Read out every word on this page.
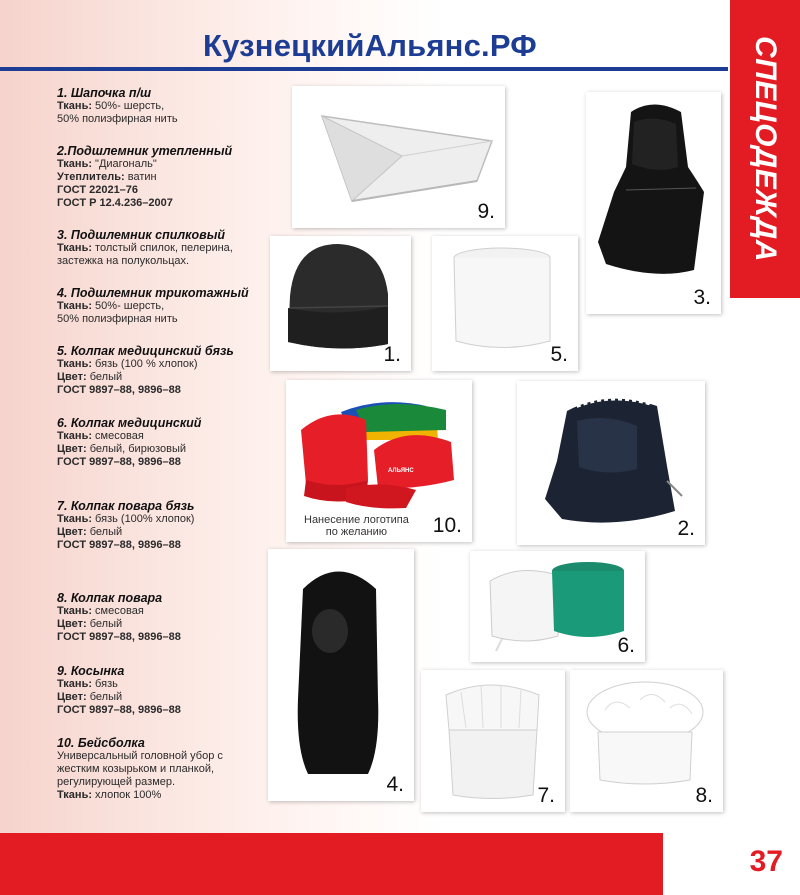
КузнецкийАльянс.РФ	СПЕЦОДЕЖДА
1. Шапочка п/ш
Ткань: 50%- шерсть,
50% полиэфирная нить
2.Подшлемник утепленный
Ткань: "Диагональ"
Утеплитель: ватин
ГОСТ 22021–76
ГОСТ Р 12.4.236–2007
3. Подшлемник спилковый
Ткань: толстый спилок, пелерина,
застежка на полукольцах.
4. Подшлемник трикотажный
Ткань: 50%- шерсть,
50% полиэфирная нить
5. Колпак медицинский бязь
Ткань: бязь (100 % хлопок)
Цвет: белый
ГОСТ 9897–88, 9896–88
6. Колпак медицинский
Ткань: смесовая
Цвет: белый, бирюзовый
ГОСТ 9897–88, 9896–88
7. Колпак повара бязь
Ткань: бязь (100% хлопок)
Цвет: белый
ГОСТ 9897–88, 9896–88
8. Колпак повара
Ткань: смесовая
Цвет: белый
ГОСТ 9897–88, 9896–88
9. Косынка
Ткань: бязь
Цвет: белый
ГОСТ 9897–88, 9896–88
10. Бейсболка
Универсальный головной убор с
жестким козырьком и планкой,
регулирующей размер.
Ткань: хлопок 100%
9.
3.
1.	5.
АЛЬЯНС
Нанесение логотипа
по желанию	10.	2.
4.
6.
7.	8.
37
